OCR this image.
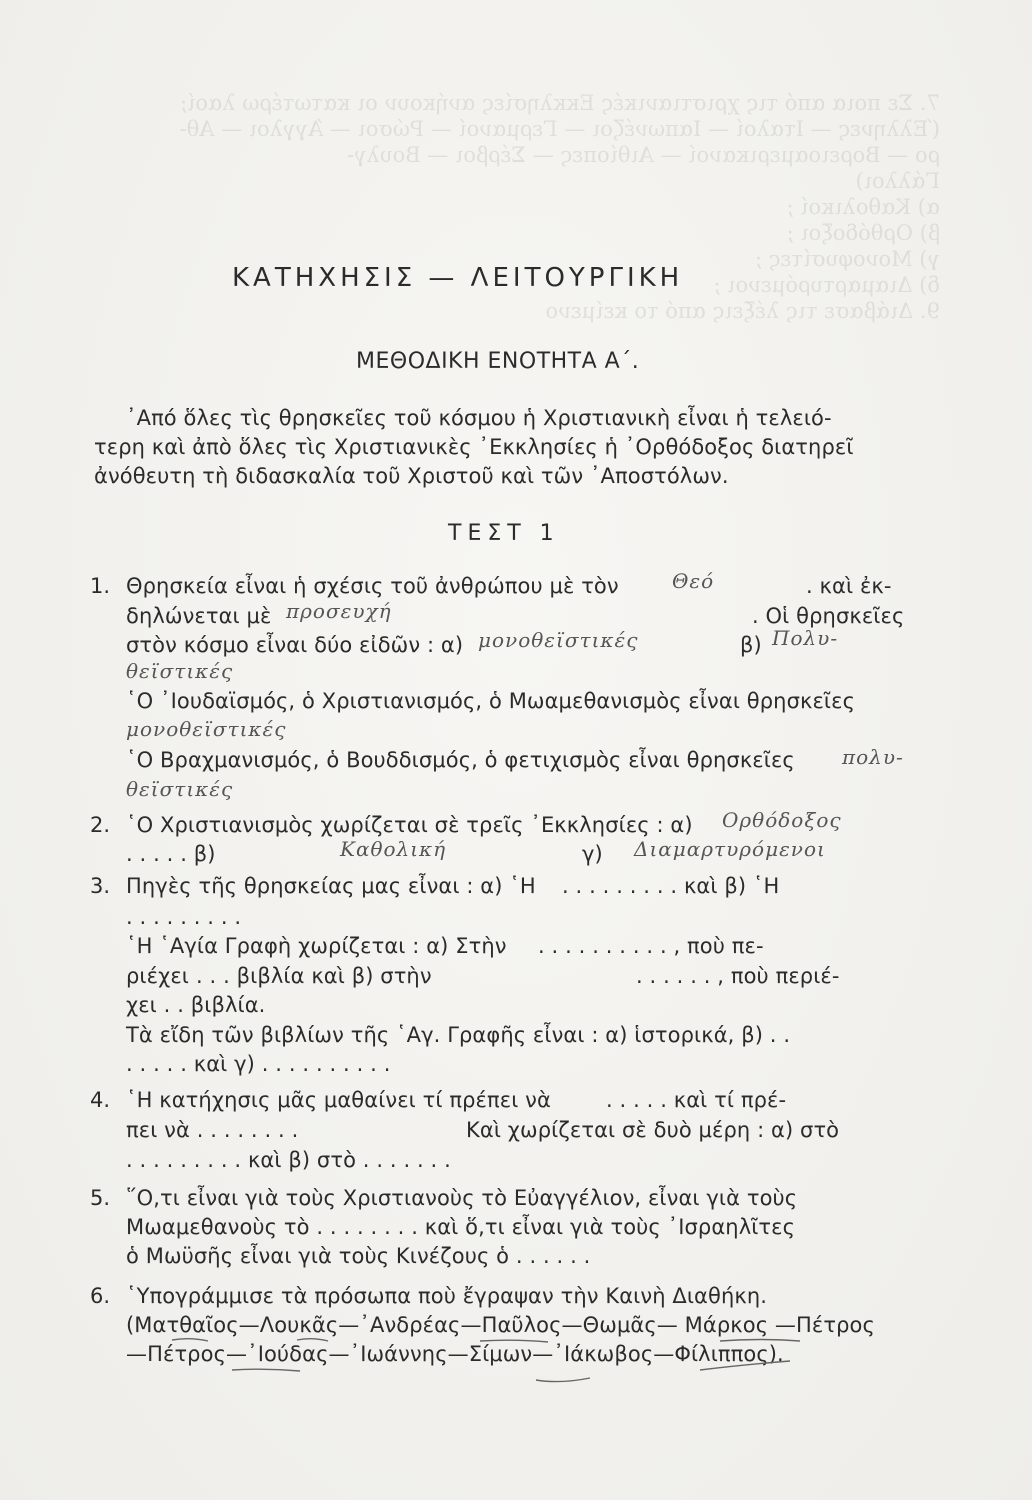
7. Σε ποια από τις χριστιανικές Εκκλησίες ανήκουν οι κατωτέρω λαοί;
(Έλληνες — Ιταλοί — Ιαπωνέζοι — Γερμανοί — Ρώσοι — Άγγλοι — Αθ-
ρο — Βορειοαμερικανοί — Αιθίοπες — Σέρβοι — Βουλγ-
Γάλλοι)
α) Καθολικοί ;
β) Ορθόδοξοι ;
γ) Μονοφυσίτες ;
δ) Διαμαρτυρόμενοι ;
9. Διάβασε τις λέξεις από το κείμενο
ΚΑΤΗΧΗΣΙΣ — ΛΕΙΤΟΥΡΓΙΚΗ
ΜΕΘΟΔΙΚΗ ΕΝΟΤΗΤΑ Α΄.
᾿Από ὅλες τὶς θρησκεῖες τοῦ κόσμου ἡ Χριστιανικὴ εἶναι ἡ τελειό-
τερη καὶ ἀπὸ ὅλες τὶς Χριστιανικὲς ᾿Εκκλησίες ἡ ᾿Ορθόδοξος διατηρεῖ
ἀνόθευτη τὴ διδασκαλία τοῦ Χριστοῦ καὶ τῶν ᾿Αποστόλων.
ΤΕΣΤ 1
1. Θρησκεία εἶναι ἡ σχέσις τοῦ ἀνθρώπου μὲ τὸν	Θεό	. καὶ ἐκ-
δηλώνεται μὲ προσευχή	. Οἱ θρησκεῖες
στὸν κόσμο εἶναι δύο εἰδῶν : α) μονοθεϊστικές	β) Πολυ-
θεϊστικές
῾Ο ᾿Ιουδαϊσμός, ὁ Χριστιανισμός, ὁ Μωαμεθανισμὸς εἶναι θρησκεῖες
μονοθεϊστικές
῾Ο Βραχμανισμός, ὁ Βουδδισμός, ὁ φετιχισμὸς εἶναι θρησκεῖες πολυ-
θεϊστικές
2. ῾Ο Χριστιανισμὸς χωρίζεται σὲ τρεῖς ᾿Εκκλησίες : α) Ορθόδοξος
. . . . . β)	Καθολική	γ) Διαμαρτυρόμενοι
3. Πηγὲς τῆς θρησκείας μας εἶναι : α) ῾Η . . . . . . . . . καὶ β) ῾Η
. . . . . . . . .
῾Η ῾Αγία Γραφὴ χωρίζεται : α) Στὴν . . . . . . . . . . , ποὺ πε-
ριέχει . . . βιβλία καὶ β) στὴν	. . . . . . , ποὺ περιέ-
χει . . βιβλία.
Τὰ εἴδη τῶν βιβλίων τῆς ῾Αγ. Γραφῆς εἶναι : α) ἱστορικά, β) . .
. . . . . καὶ γ) . . . . . . . . . .
4. ῾Η κατήχησις μᾶς μαθαίνει τί πρέπει νὰ	. . . . . καὶ τί πρέ-
πει νὰ . . . . . . . .	Καὶ χωρίζεται σὲ δυὸ μέρη : α) στὸ
. . . . . . . . . καὶ β) στὸ . . . . . . .
5. ῞Ο,τι εἶναι γιὰ τοὺς Χριστιανοὺς τὸ Εὐαγγέλιον, εἶναι γιὰ τοὺς
Μωαμεθανοὺς τὸ . . . . . . . . καὶ ὅ,τι εἶναι γιὰ τοὺς ᾿Ισραηλῖτες
ὁ Μωϋσῆς εἶναι γιὰ τοὺς Κινέζους ὁ . . . . . .
6. ῾Υπογράμμισε τὰ πρόσωπα ποὺ ἔγραψαν τὴν Καινὴ Διαθήκη.
(Ματθαῖος—Λουκᾶς—᾿Ανδρέας—Παῦλος—Θωμᾶς— Μάρκος —Πέτρος
—Πέτρος—᾿Ιούδας—᾿Ιωάννης—Σίμων—᾿Ιάκωβος—Φίλιππος).
